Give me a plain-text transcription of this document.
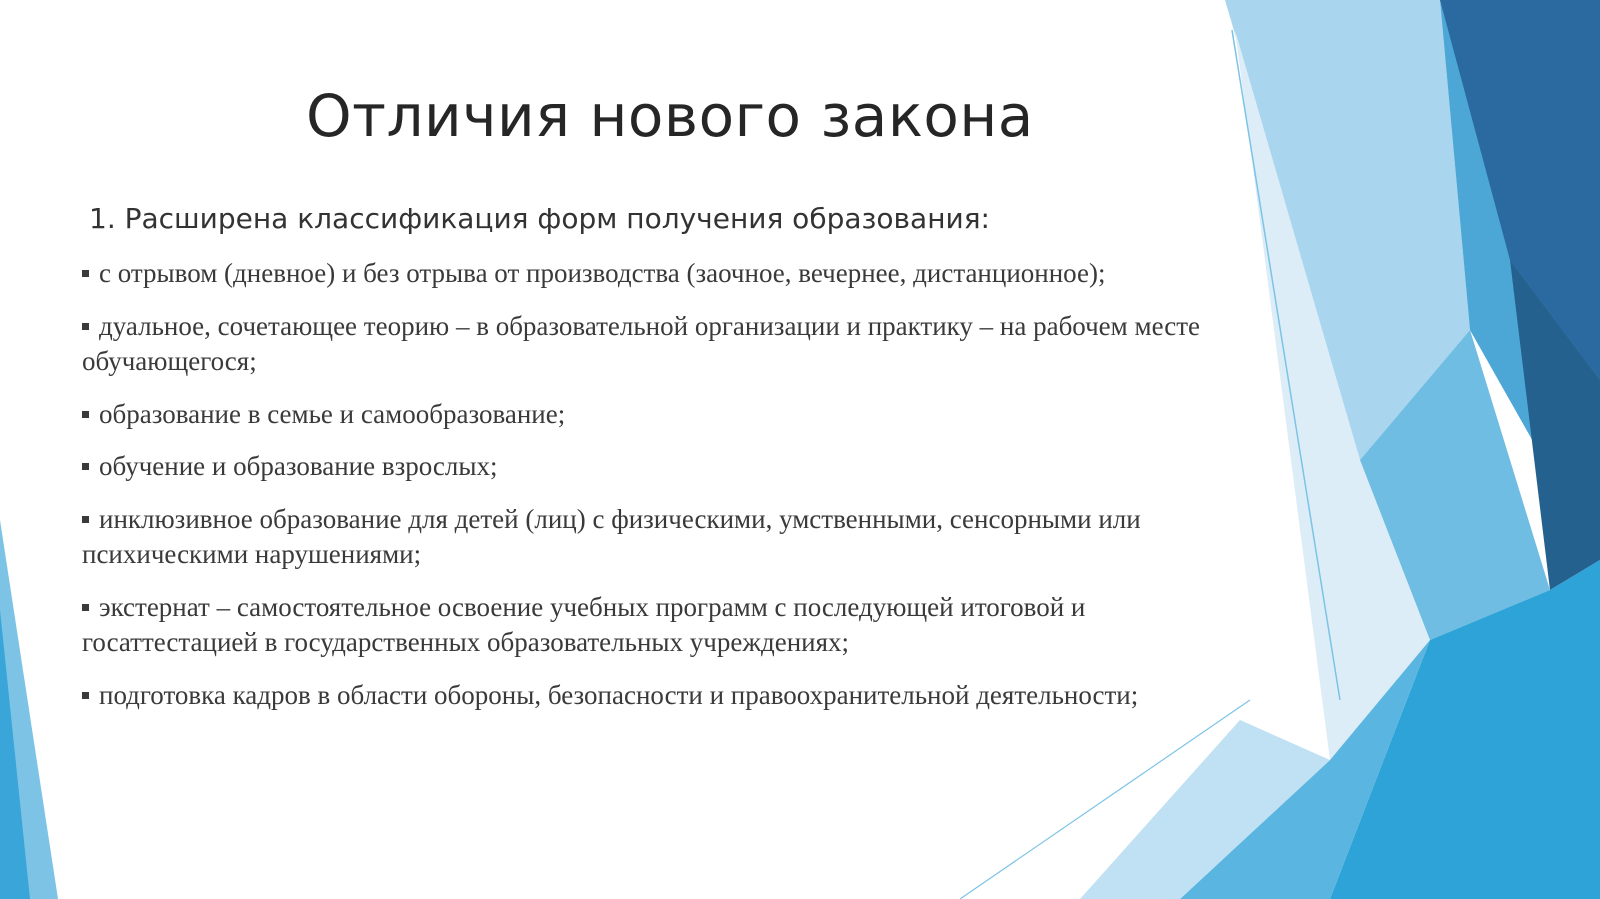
Отличия нового закона
1. Расширена классификация форм получения образования:
с отрывом (дневное) и без отрыва от производства (заочное, вечернее, дистанционное);
дуальное, сочетающее теорию – в образовательной организации и практику – на рабочем месте обучающегося;
образование в семье и самообразование;
обучение и образование взрослых;
инклюзивное образование для детей (лиц) с физическими, умственными, сенсорными или психическими нарушениями;
экстернат – самостоятельное освоение учебных программ с последующей итоговой и госаттестацией в государственных образовательных учреждениях;
подготовка кадров в области обороны, безопасности и правоохранительной деятельности;
